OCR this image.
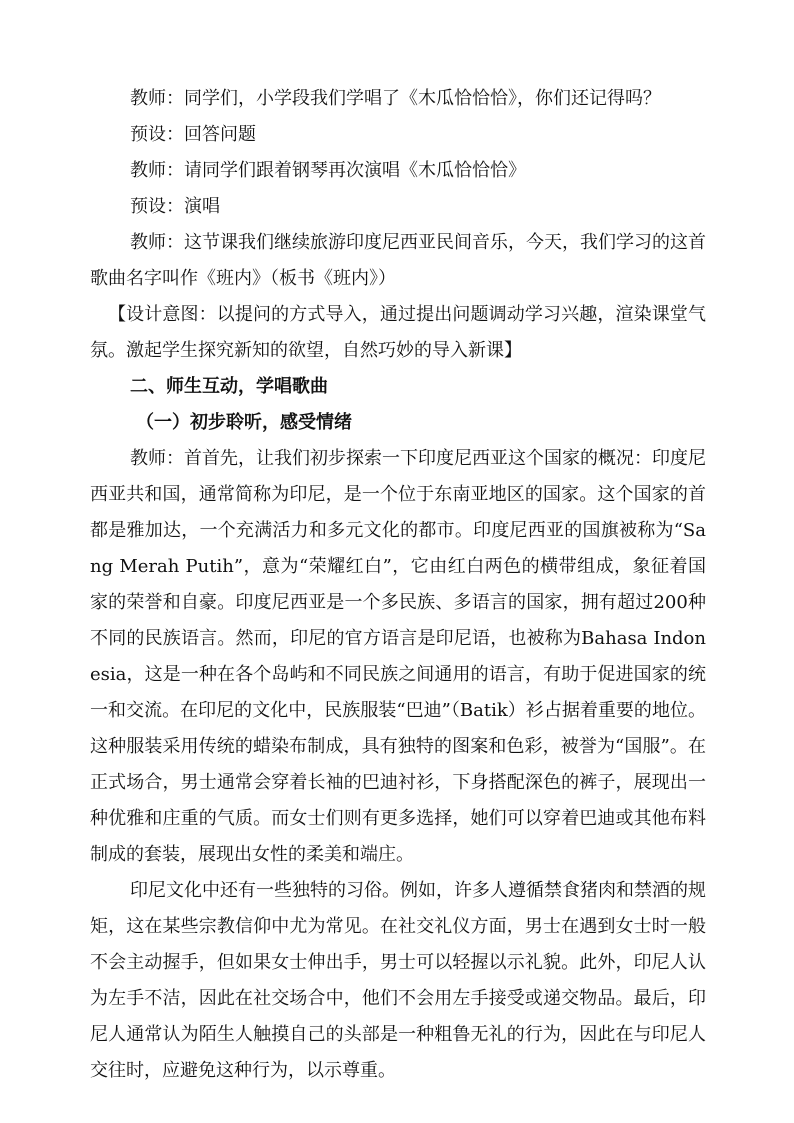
教师：同学们，小学段我们学唱了《木瓜恰恰恰》，你们还记得吗？

预设：回答问题

教师：请同学们跟着钢琴再次演唱《木瓜恰恰恰》

预设：演唱

教师：这节课我们继续旅游印度尼西亚民间音乐，今天，我们学习的这首歌曲名字叫作《班内》（板书《班内》）

【设计意图：以提问的方式导入，通过提出问题调动学习兴趣，渲染课堂气氛。激起学生探究新知的欲望，自然巧妙的导入新课】

二、师生互动，学唱歌曲

（一）初步聆听，感受情绪

教师：首首先，让我们初步探索一下印度尼西亚这个国家的概况：印度尼西亚共和国，通常简称为印尼，是一个位于东南亚地区的国家。这个国家的首都是雅加达，一个充满活力和多元文化的都市。印度尼西亚的国旗被称为“Sang Merah Putih”，意为“荣耀红白”，它由红白两色的横带组成，象征着国家的荣誉和自豪。印度尼西亚是一个多民族、多语言的国家，拥有超过200种不同的民族语言。然而，印尼的官方语言是印尼语，也被称为Bahasa Indonesia，这是一种在各个岛屿和不同民族之间通用的语言，有助于促进国家的统一和交流。在印尼的文化中，民族服装“巴迪”（Batik）衫占据着重要的地位。这种服装采用传统的蜡染布制成，具有独特的图案和色彩，被誉为“国服”。在正式场合，男士通常会穿着长袖的巴迪衬衫，下身搭配深色的裤子，展现出一种优雅和庄重的气质。而女士们则有更多选择，她们可以穿着巴迪或其他布料制成的套装，展现出女性的柔美和端庄。

印尼文化中还有一些独特的习俗。例如，许多人遵循禁食猪肉和禁酒的规矩，这在某些宗教信仰中尤为常见。在社交礼仪方面，男士在遇到女士时一般不会主动握手，但如果女士伸出手，男士可以轻握以示礼貌。此外，印尼人认为左手不洁，因此在社交场合中，他们不会用左手接受或递交物品。最后，印尼人通常认为陌生人触摸自己的头部是一种粗鲁无礼的行为，因此在与印尼人交往时，应避免这种行为，以示尊重。
